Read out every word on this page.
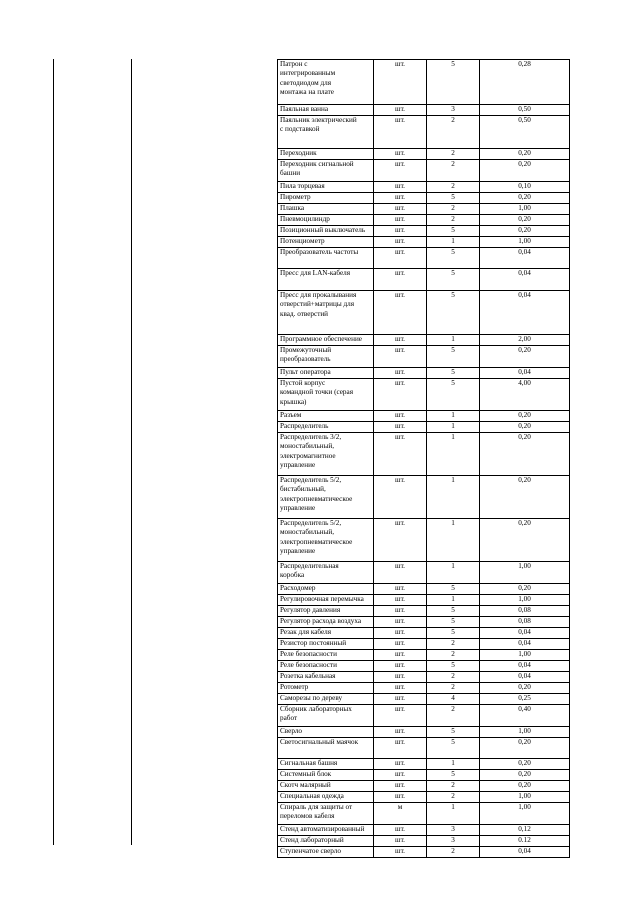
Патрон с
интегрированным
светодиодом для
монтажа на плате	шт.	5	0,28
Паяльная ванна	шт.	3	0,50
Паяльник электрический
с подставкой	шт.	2	0,50
Переходник	шт.	2	0,20
Переходник сигнальной
башни	шт.	2	0,20
Пила торцевая	шт.	2	0,10
Пирометр	шт.	5	0,20
Плашка	шт.	2	1,00
Пневмоцилиндр	шт.	2	0,20
Позиционный выключатель	шт.	5	0,20
Потенциометр	шт.	1	1,00
Преобразователь частоты	шт.	5	0,04
Пресс для LAN-кабеля	шт.	5	0,04
Пресс для прокалывания
отверстий+матрицы для
квад. отверстий	шт.	5	0,04
Программное обеспечение	шт.	1	2,00
Промежуточный
преобразователь	шт.	5	0,20
Пульт оператора	шт.	5	0,04
Пустой корпус
командной точки (серая
крышка)	шт.	5	4,00
Разъем	шт.	1	0,20
Распределитель	шт.	1	0,20
Распределитель 3/2,
моностабильный,
электромагнитное
управление	шт.	1	0,20
Распределитель 5/2,
бистабильный,
электропневматическое
управление	шт.	1	0,20
Распределитель 5/2,
моностабильный,
электропневматическое
управление	шт.	1	0,20
Распределительная
коробка	шт.	1	1,00
Расходомер	шт.	5	0,20
Регулировочная перемычка	шт.	1	1,00
Регулятор давления	шт.	5	0,08
Регулятор расхода воздуха	шт.	5	0,08
Резак для кабеля	шт.	5	0,04
Резистор постоянный	шт.	2	0,04
Реле безопасности	шт.	2	1,00
Реле безопасности	шт.	5	0,04
Розетка кабельная	шт.	2	0,04
Ротометр	шт.	2	0,20
Саморезы по дереву	шт.	4	0,25
Сборник лабораторных
работ	шт.	2	0,40
Сверло	шт.	5	1,00
Светосигнальный маячок	шт.	5	0,20
Сигнальная башня	шт.	1	0,20
Системный блок	шт.	5	0,20
Скотч малярный	шт.	2	0,20
Специальная одежда	шт.	2	1,00
Спираль для защиты от
переломов кабеля	м	1	1,00
Стенд автоматизированный	шт.	3	0,12
Стенд лабораторный	шт.	3	0.12
Ступенчатое сверло	шт.	2	0,04
